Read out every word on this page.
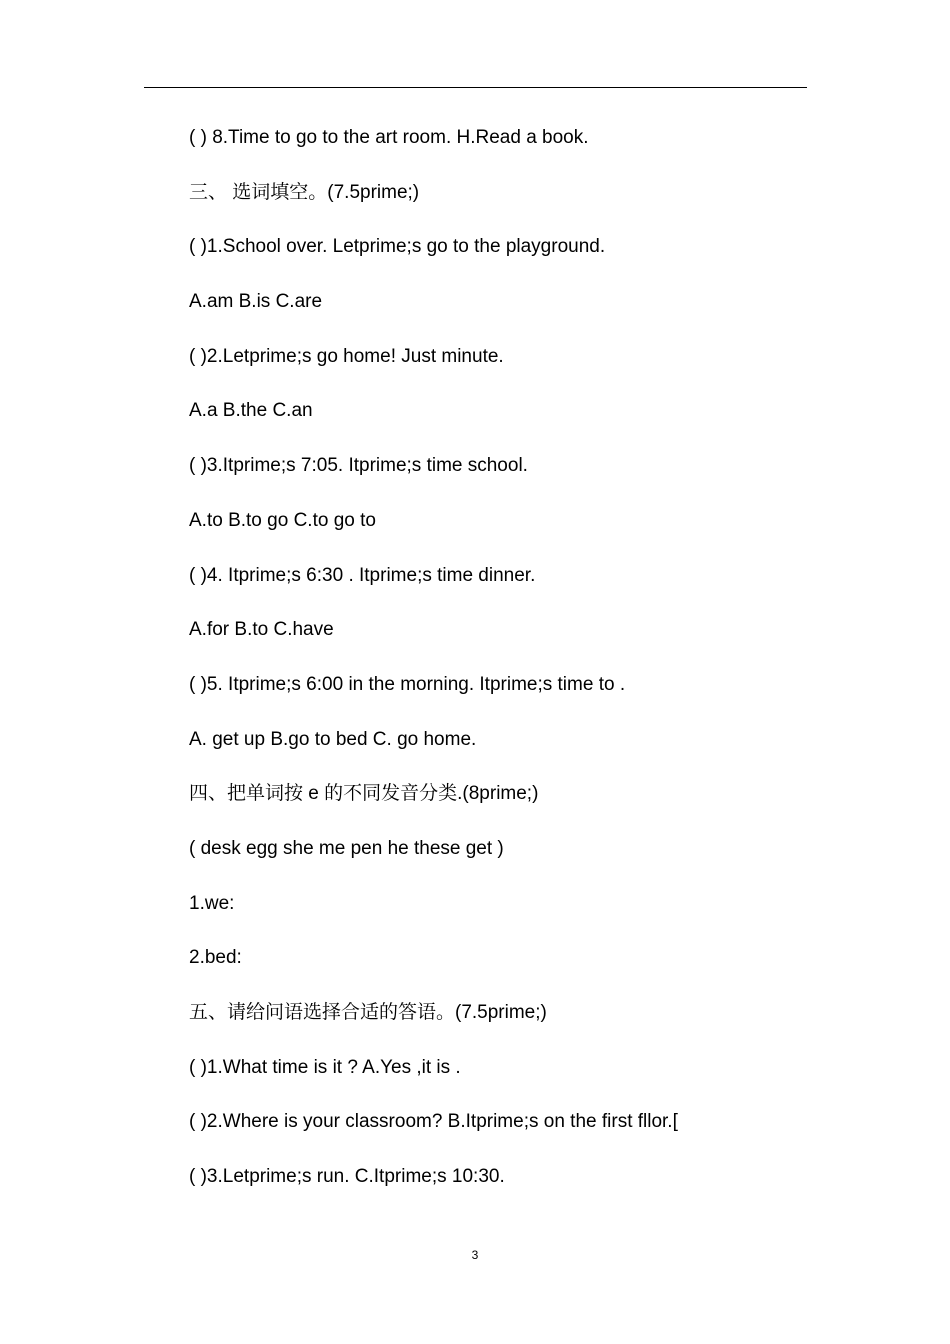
( ) 8.Time to go to the art room. H.Read a book.
三、 选词填空。(7.5prime;)
( )1.School over. Letprime;s go to the playground.
A.am B.is C.are
( )2.Letprime;s go home! Just minute.
A.a B.the C.an
( )3.Itprime;s 7:05. Itprime;s time school.
A.to B.to go C.to go to
( )4. Itprime;s 6:30 . Itprime;s time dinner.
A.for B.to C.have
( )5. Itprime;s 6:00 in the morning. Itprime;s time to .
A. get up B.go to bed C. go home.
四、把单词按 e 的不同发音分类.(8prime;)
( desk egg she me pen he these get )
1.we:
2.bed:
五、请给问语选择合适的答语。(7.5prime;)
( )1.What time is it ? A.Yes ,it is .
( )2.Where is your classroom? B.Itprime;s on the first fllor.[
( )3.Letprime;s run. C.Itprime;s 10:30.
3
